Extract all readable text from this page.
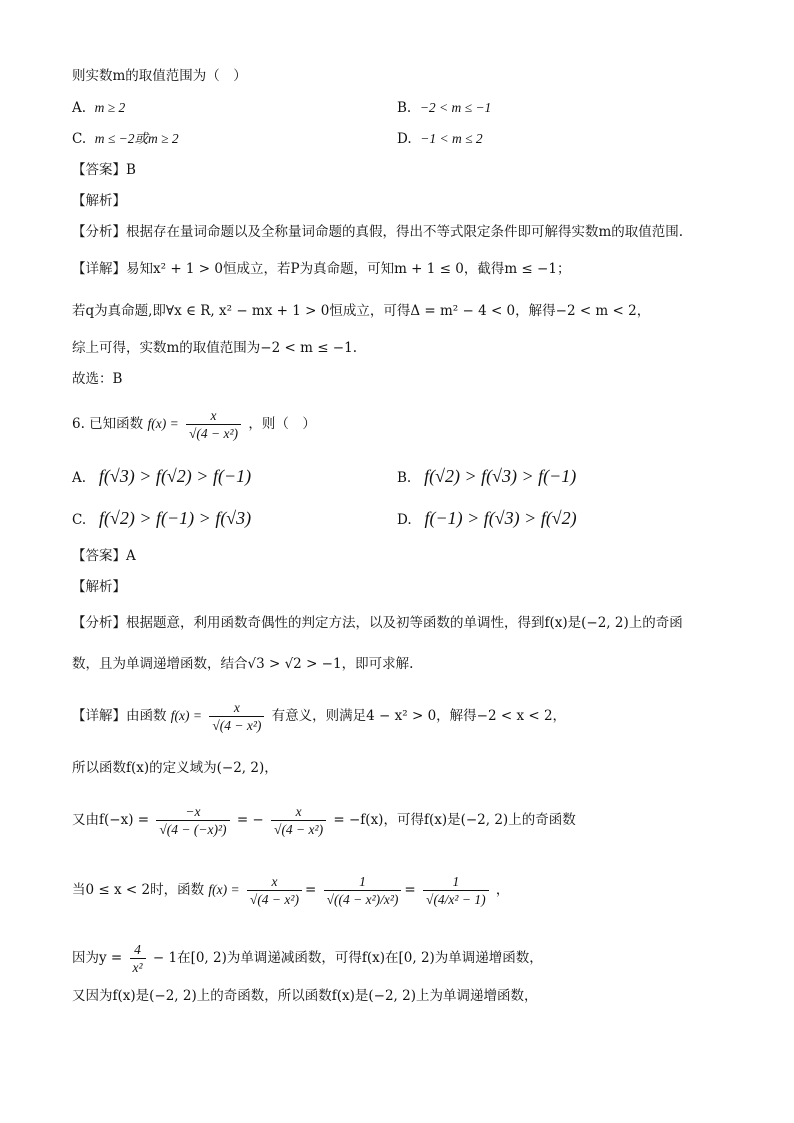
则实数m的取值范围为（　）
A. m ≥ 2	B. −2 < m ≤ −1
C. m ≤ −2或m ≥ 2	D. −1 < m ≤ 2
【答案】B
【解析】
【分析】根据存在量词命题以及全称量词命题的真假，得出不等式限定条件即可解得实数m的取值范围.
【详解】易知x² + 1 > 0恒成立，若P为真命题，可知m + 1 ≤ 0，截得m ≤ −1；
若q为真命题,即∀x ∈ R, x² − mx + 1 > 0恒成立，可得Δ = m² − 4 < 0，解得−2 < m < 2，
综上可得，实数m的取值范围为−2 < m ≤ −1.
故选：B
6. 已知函数 $f(x) = \frac{x}{\text{√(4 − x²)}}$ ，则（　）
A. f(√3) > f(√2) > f(−1)	B. f(√2) > f(√3) > f(−1)
C. f(√2) > f(−1) > f(√3)	D. f(−1) > f(√3) > f(√2)
【答案】A
【解析】
【分析】根据题意，利用函数奇偶性的判定方法，以及初等函数的单调性，得到f(x)是(−2, 2)上的奇函
数，且为单调递增函数，结合√3 > √2 > −1，即可求解.
【详解】由函数 $f(x) = \frac{x}{\text{√(4 − x²)}}$ 有意义，则满足4 − x² > 0，解得−2 < x < 2，
所以函数f(x)的定义域为(−2, 2)，
又由$f(-x) = \frac{-x}{\text{√(4 − (−x)²)}}$ = − $\frac{x}{\text{√(4 − x²)}} = -f(x)$，可得f(x)是(−2, 2)上的奇函数
当0 ≤ x < 2时，函数 $f(x) = \frac{x}{\text{√(4 − x²)}} = \frac{1}{\text{√((4 − x²)/x²)}} = \frac{1}{\text{√(4/x² − 1)}}$ ，
因为$y = \frac{4}{\text{x²}} - 1$在[0, 2)为单调递减函数，可得f(x)在[0, 2)为单调递增函数，
又因为f(x)是(−2, 2)上的奇函数，所以函数f(x)是(−2, 2)上为单调递增函数，
